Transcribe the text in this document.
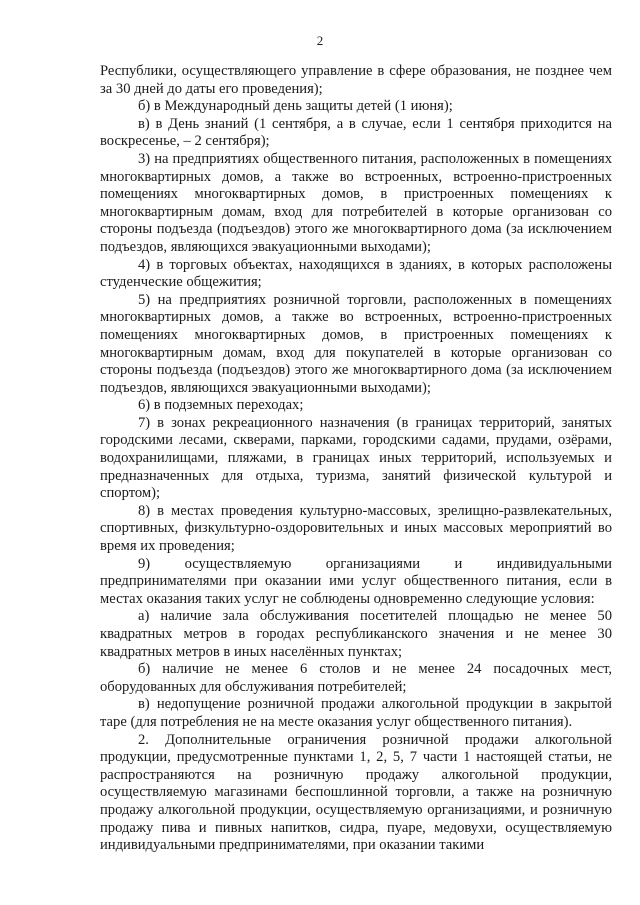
2

Республики, осуществляющего управление в сфере образования, не позднее чем за 30 дней до даты его проведения);

б) в Международный день защиты детей (1 июня);

в) в День знаний (1 сентября, а в случае, если 1 сентября приходится на воскресенье, – 2 сентября);

3) на предприятиях общественного питания, расположенных в помещениях многоквартирных домов, а также во встроенных, встроенно-пристроенных помещениях многоквартирных домов, в пристроенных помещениях к многоквартирным домам, вход для потребителей в которые организован со стороны подъезда (подъездов) этого же многоквартирного дома (за исключением подъездов, являющихся эвакуационными выходами);

4) в торговых объектах, находящихся в зданиях, в которых расположены студенческие общежития;

5) на предприятиях розничной торговли, расположенных в помещениях многоквартирных домов, а также во встроенных, встроенно-пристроенных помещениях многоквартирных домов, в пристроенных помещениях к многоквартирным домам, вход для покупателей в которые организован со стороны подъезда (подъездов) этого же многоквартирного дома (за исключением подъездов, являющихся эвакуационными выходами);

6) в подземных переходах;

7) в зонах рекреационного назначения (в границах территорий, занятых городскими лесами, скверами, парками, городскими садами, прудами, озёрами, водохранилищами, пляжами, в границах иных территорий, используемых и предназначенных для отдыха, туризма, занятий физической культурой и спортом);

8) в местах проведения культурно-массовых, зрелищно-развлекательных, спортивных, физкультурно-оздоровительных и иных массовых мероприятий во время их проведения;

9) осуществляемую организациями и индивидуальными предпринимателями при оказании ими услуг общественного питания, если в местах оказания таких услуг не соблюдены одновременно следующие условия:

а) наличие зала обслуживания посетителей площадью не менее 50 квадратных метров в городах республиканского значения и не менее 30 квадратных метров в иных населённых пунктах;

б) наличие не менее 6 столов и не менее 24 посадочных мест, оборудованных для обслуживания потребителей;

в) недопущение розничной продажи алкогольной продукции в закрытой таре (для потребления не на месте оказания услуг общественного питания).

2. Дополнительные ограничения розничной продажи алкогольной продукции, предусмотренные пунктами 1, 2, 5, 7 части 1 настоящей статьи, не распространяются на розничную продажу алкогольной продукции, осуществляемую магазинами беспошлинной торговли, а также на розничную продажу алкогольной продукции, осуществляемую организациями, и розничную продажу пива и пивных напитков, сидра, пуаре, медовухи, осуществляемую индивидуальными предпринимателями, при оказании такими
